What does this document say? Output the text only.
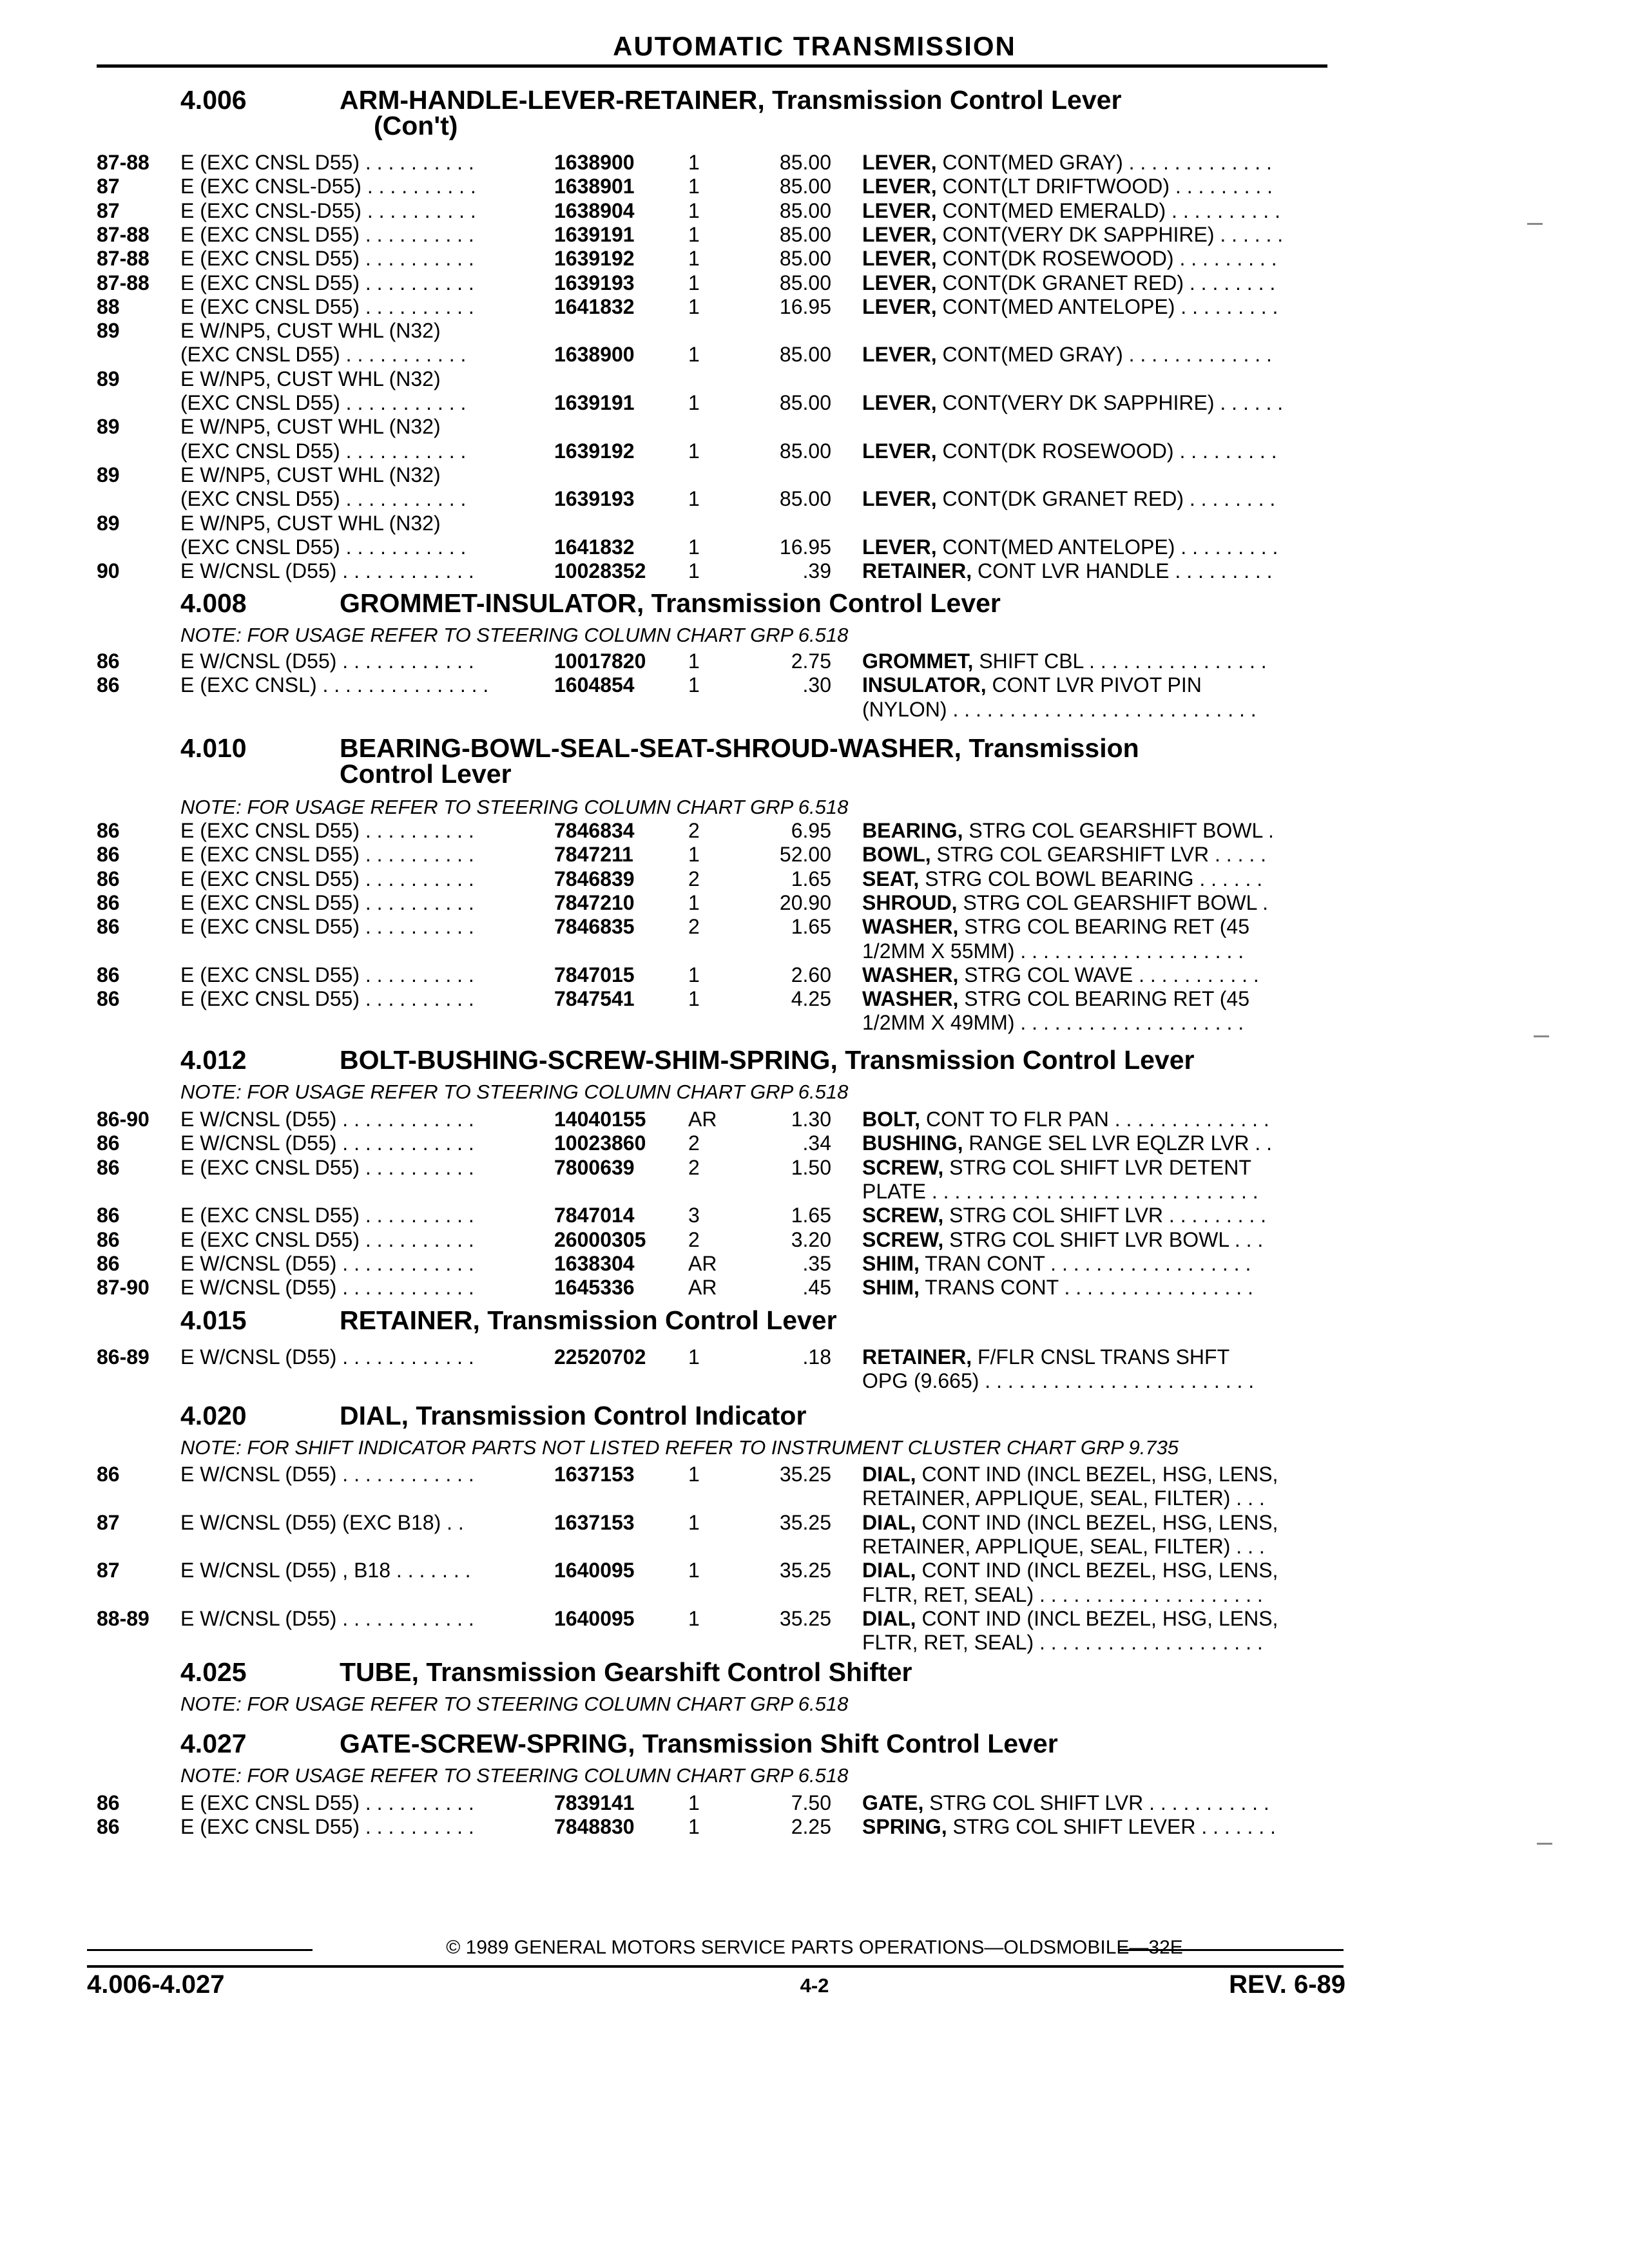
AUTOMATIC TRANSMISSION
4.006	ARM-HANDLE-LEVER-RETAINER, Transmission Control Lever
(Con't)
87-88 E (EXC CNSL D55) . . . . . . . . . .	1638900	1	85.00 LEVER, CONT(MED GRAY) . . . . . . . . . . . . .
87	E (EXC CNSL-D55) . . . . . . . . . .	1638901	1	85.00 LEVER, CONT(LT DRIFTWOOD) . . . . . . . . .
87	E (EXC CNSL-D55) . . . . . . . . . .	1638904	1	85.00 LEVER, CONT(MED EMERALD) . . . . . . . . . .
87-88 E (EXC CNSL D55) . . . . . . . . . .	1639191	1	85.00 LEVER, CONT(VERY DK SAPPHIRE) . . . . . .
87-88 E (EXC CNSL D55) . . . . . . . . . .	1639192	1	85.00 LEVER, CONT(DK ROSEWOOD) . . . . . . . . .
87-88 E (EXC CNSL D55) . . . . . . . . . .	1639193	1	85.00 LEVER, CONT(DK GRANET RED) . . . . . . . .
88	E (EXC CNSL D55) . . . . . . . . . .	1641832	1	16.95 LEVER, CONT(MED ANTELOPE) . . . . . . . . .
89	E W/NP5, CUST WHL (N32)
(EXC CNSL D55) . . . . . . . . . . .	1638900	1	85.00 LEVER, CONT(MED GRAY) . . . . . . . . . . . . .
89	E W/NP5, CUST WHL (N32)
(EXC CNSL D55) . . . . . . . . . . .	1639191	1	85.00 LEVER, CONT(VERY DK SAPPHIRE) . . . . . .
89	E W/NP5, CUST WHL (N32)
(EXC CNSL D55) . . . . . . . . . . .	1639192	1	85.00 LEVER, CONT(DK ROSEWOOD) . . . . . . . . .
89	E W/NP5, CUST WHL (N32)
(EXC CNSL D55) . . . . . . . . . . .	1639193	1	85.00 LEVER, CONT(DK GRANET RED) . . . . . . . .
89	E W/NP5, CUST WHL (N32)
(EXC CNSL D55) . . . . . . . . . . .	1641832	1	16.95 LEVER, CONT(MED ANTELOPE) . . . . . . . . .
90	E W/CNSL (D55) . . . . . . . . . . . .	10028352 1	.39 RETAINER, CONT LVR HANDLE . . . . . . . . .
4.008	GROMMET-INSULATOR, Transmission Control Lever
NOTE: FOR USAGE REFER TO STEERING COLUMN CHART GRP 6.518
86	E W/CNSL (D55) . . . . . . . . . . . .	10017820 1	2.75 GROMMET, SHIFT CBL . . . . . . . . . . . . . . . .
86	E (EXC CNSL) . . . . . . . . . . . . . . .	1604854	1	.30 INSULATOR, CONT LVR PIVOT PIN
(NYLON) . . . . . . . . . . . . . . . . . . . . . . . . . . .
4.010	BEARING-BOWL-SEAL-SEAT-SHROUD-WASHER, Transmission
Control Lever
NOTE: FOR USAGE REFER TO STEERING COLUMN CHART GRP 6.518
86	E (EXC CNSL D55) . . . . . . . . . .	7846834	2	6.95 BEARING, STRG COL GEARSHIFT BOWL .
86	E (EXC CNSL D55) . . . . . . . . . .	7847211	1	52.00 BOWL, STRG COL GEARSHIFT LVR . . . . .
86	E (EXC CNSL D55) . . . . . . . . . .	7846839	2	1.65 SEAT, STRG COL BOWL BEARING . . . . . .
86	E (EXC CNSL D55) . . . . . . . . . .	7847210	1	20.90 SHROUD, STRG COL GEARSHIFT BOWL .
86	E (EXC CNSL D55) . . . . . . . . . .	7846835	2	1.65 WASHER, STRG COL BEARING RET (45
1/2MM X 55MM) . . . . . . . . . . . . . . . . . . . .
86	E (EXC CNSL D55) . . . . . . . . . .	7847015	1	2.60 WASHER, STRG COL WAVE . . . . . . . . . . .
86	E (EXC CNSL D55) . . . . . . . . . .	7847541	1	4.25 WASHER, STRG COL BEARING RET (45
1/2MM X 49MM) . . . . . . . . . . . . . . . . . . . .
4.012	BOLT-BUSHING-SCREW-SHIM-SPRING, Transmission Control Lever
NOTE: FOR USAGE REFER TO STEERING COLUMN CHART GRP 6.518
86-90 E W/CNSL (D55) . . . . . . . . . . . .	14040155 AR	1.30 BOLT, CONT TO FLR PAN . . . . . . . . . . . . . .
86	E W/CNSL (D55) . . . . . . . . . . . .	10023860 2	.34 BUSHING, RANGE SEL LVR EQLZR LVR . .
86	E (EXC CNSL D55) . . . . . . . . . .	7800639	2	1.50 SCREW, STRG COL SHIFT LVR DETENT
PLATE . . . . . . . . . . . . . . . . . . . . . . . . . . . . .
86	E (EXC CNSL D55) . . . . . . . . . .	7847014	3	1.65 SCREW, STRG COL SHIFT LVR . . . . . . . . .
86	E (EXC CNSL D55) . . . . . . . . . .	26000305 2	3.20 SCREW, STRG COL SHIFT LVR BOWL . . .
86	E W/CNSL (D55) . . . . . . . . . . . .	1638304	AR	.35 SHIM, TRAN CONT . . . . . . . . . . . . . . . . . .
87-90 E W/CNSL (D55) . . . . . . . . . . . .	1645336	AR	.45 SHIM, TRANS CONT . . . . . . . . . . . . . . . . .
4.015	RETAINER, Transmission Control Lever
86-89 E W/CNSL (D55) . . . . . . . . . . . .	22520702 1	.18 RETAINER, F/FLR CNSL TRANS SHFT
OPG (9.665) . . . . . . . . . . . . . . . . . . . . . . . .
4.020	DIAL, Transmission Control Indicator
NOTE: FOR SHIFT INDICATOR PARTS NOT LISTED REFER TO INSTRUMENT CLUSTER CHART GRP 9.735
86	E W/CNSL (D55) . . . . . . . . . . . .	1637153	1	35.25 DIAL, CONT IND (INCL BEZEL, HSG, LENS,
RETAINER, APPLIQUE, SEAL, FILTER) . . .
87	E W/CNSL (D55) (EXC B18) . .	1637153	1	35.25 DIAL, CONT IND (INCL BEZEL, HSG, LENS,
RETAINER, APPLIQUE, SEAL, FILTER) . . .
87	E W/CNSL (D55) , B18 . . . . . . .	1640095	1	35.25 DIAL, CONT IND (INCL BEZEL, HSG, LENS,
FLTR, RET, SEAL) . . . . . . . . . . . . . . . . . . . .
88-89 E W/CNSL (D55) . . . . . . . . . . . .	1640095	1	35.25 DIAL, CONT IND (INCL BEZEL, HSG, LENS,
FLTR, RET, SEAL) . . . . . . . . . . . . . . . . . . . .
4.025	TUBE, Transmission Gearshift Control Shifter
NOTE: FOR USAGE REFER TO STEERING COLUMN CHART GRP 6.518
4.027	GATE-SCREW-SPRING, Transmission Shift Control Lever
NOTE: FOR USAGE REFER TO STEERING COLUMN CHART GRP 6.518
86	E (EXC CNSL D55) . . . . . . . . . .	7839141	1	7.50 GATE, STRG COL SHIFT LVR . . . . . . . . . . .
86	E (EXC CNSL D55) . . . . . . . . . .	7848830	1	2.25 SPRING, STRG COL SHIFT LEVER . . . . . . .
© 1989 GENERAL MOTORS SERVICE PARTS OPERATIONS—OLDSMOBILE—32E
4.006-4.027	4-2	REV. 6-89
